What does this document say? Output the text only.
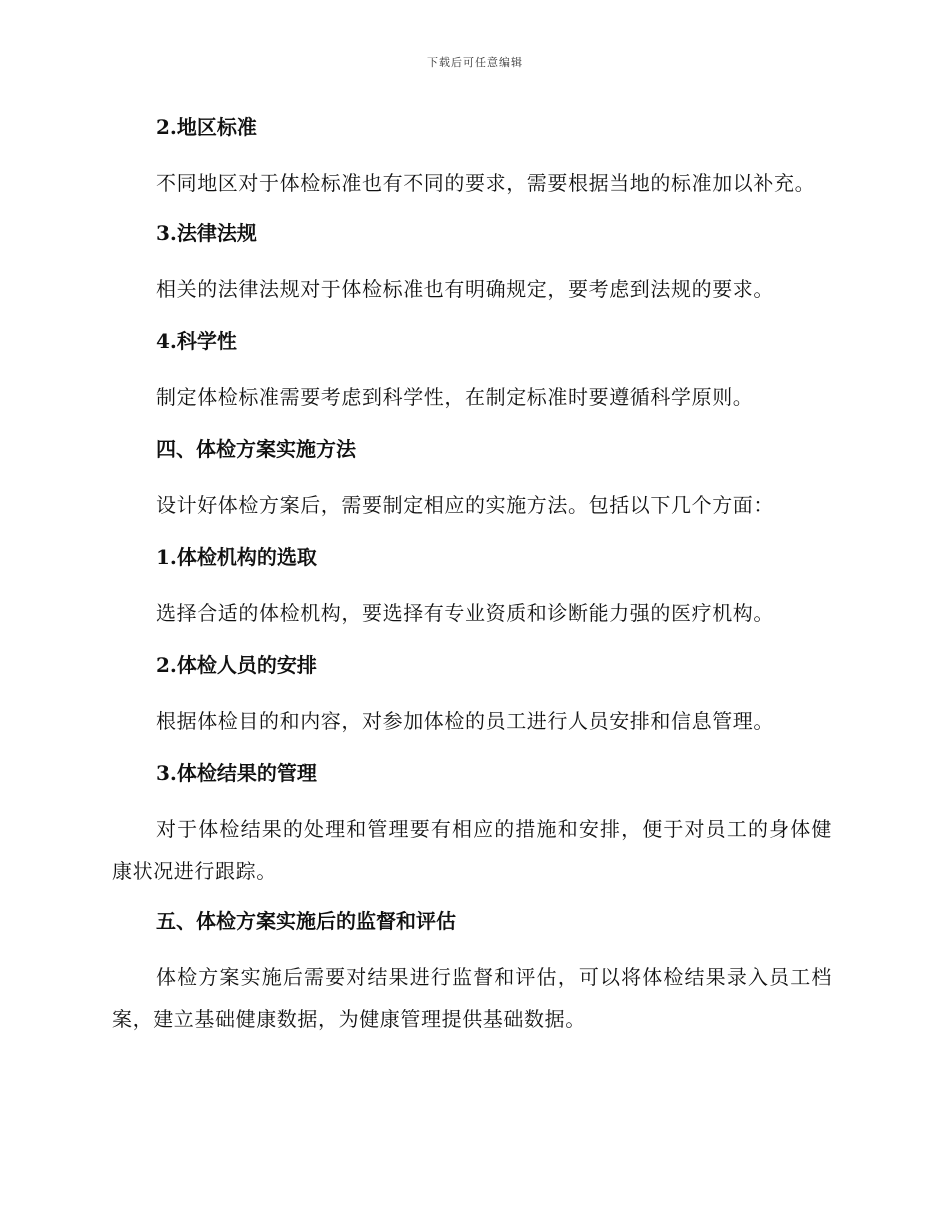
下载后可任意编辑
2.地区标准

不同地区对于体检标准也有不同的要求，需要根据当地的标准加以补充。

3.法律法规

相关的法律法规对于体检标准也有明确规定，要考虑到法规的要求。

4.科学性

制定体检标准需要考虑到科学性，在制定标准时要遵循科学原则。

四、体检方案实施方法

设计好体检方案后，需要制定相应的实施方法。包括以下几个方面：

1.体检机构的选取

选择合适的体检机构，要选择有专业资质和诊断能力强的医疗机构。

2.体检人员的安排

根据体检目的和内容，对参加体检的员工进行人员安排和信息管理。

3.体检结果的管理

对于体检结果的处理和管理要有相应的措施和安排，便于对员工的身体健康状况进行跟踪。

五、体检方案实施后的监督和评估

体检方案实施后需要对结果进行监督和评估，可以将体检结果录入员工档案，建立基础健康数据，为健康管理提供基础数据。
